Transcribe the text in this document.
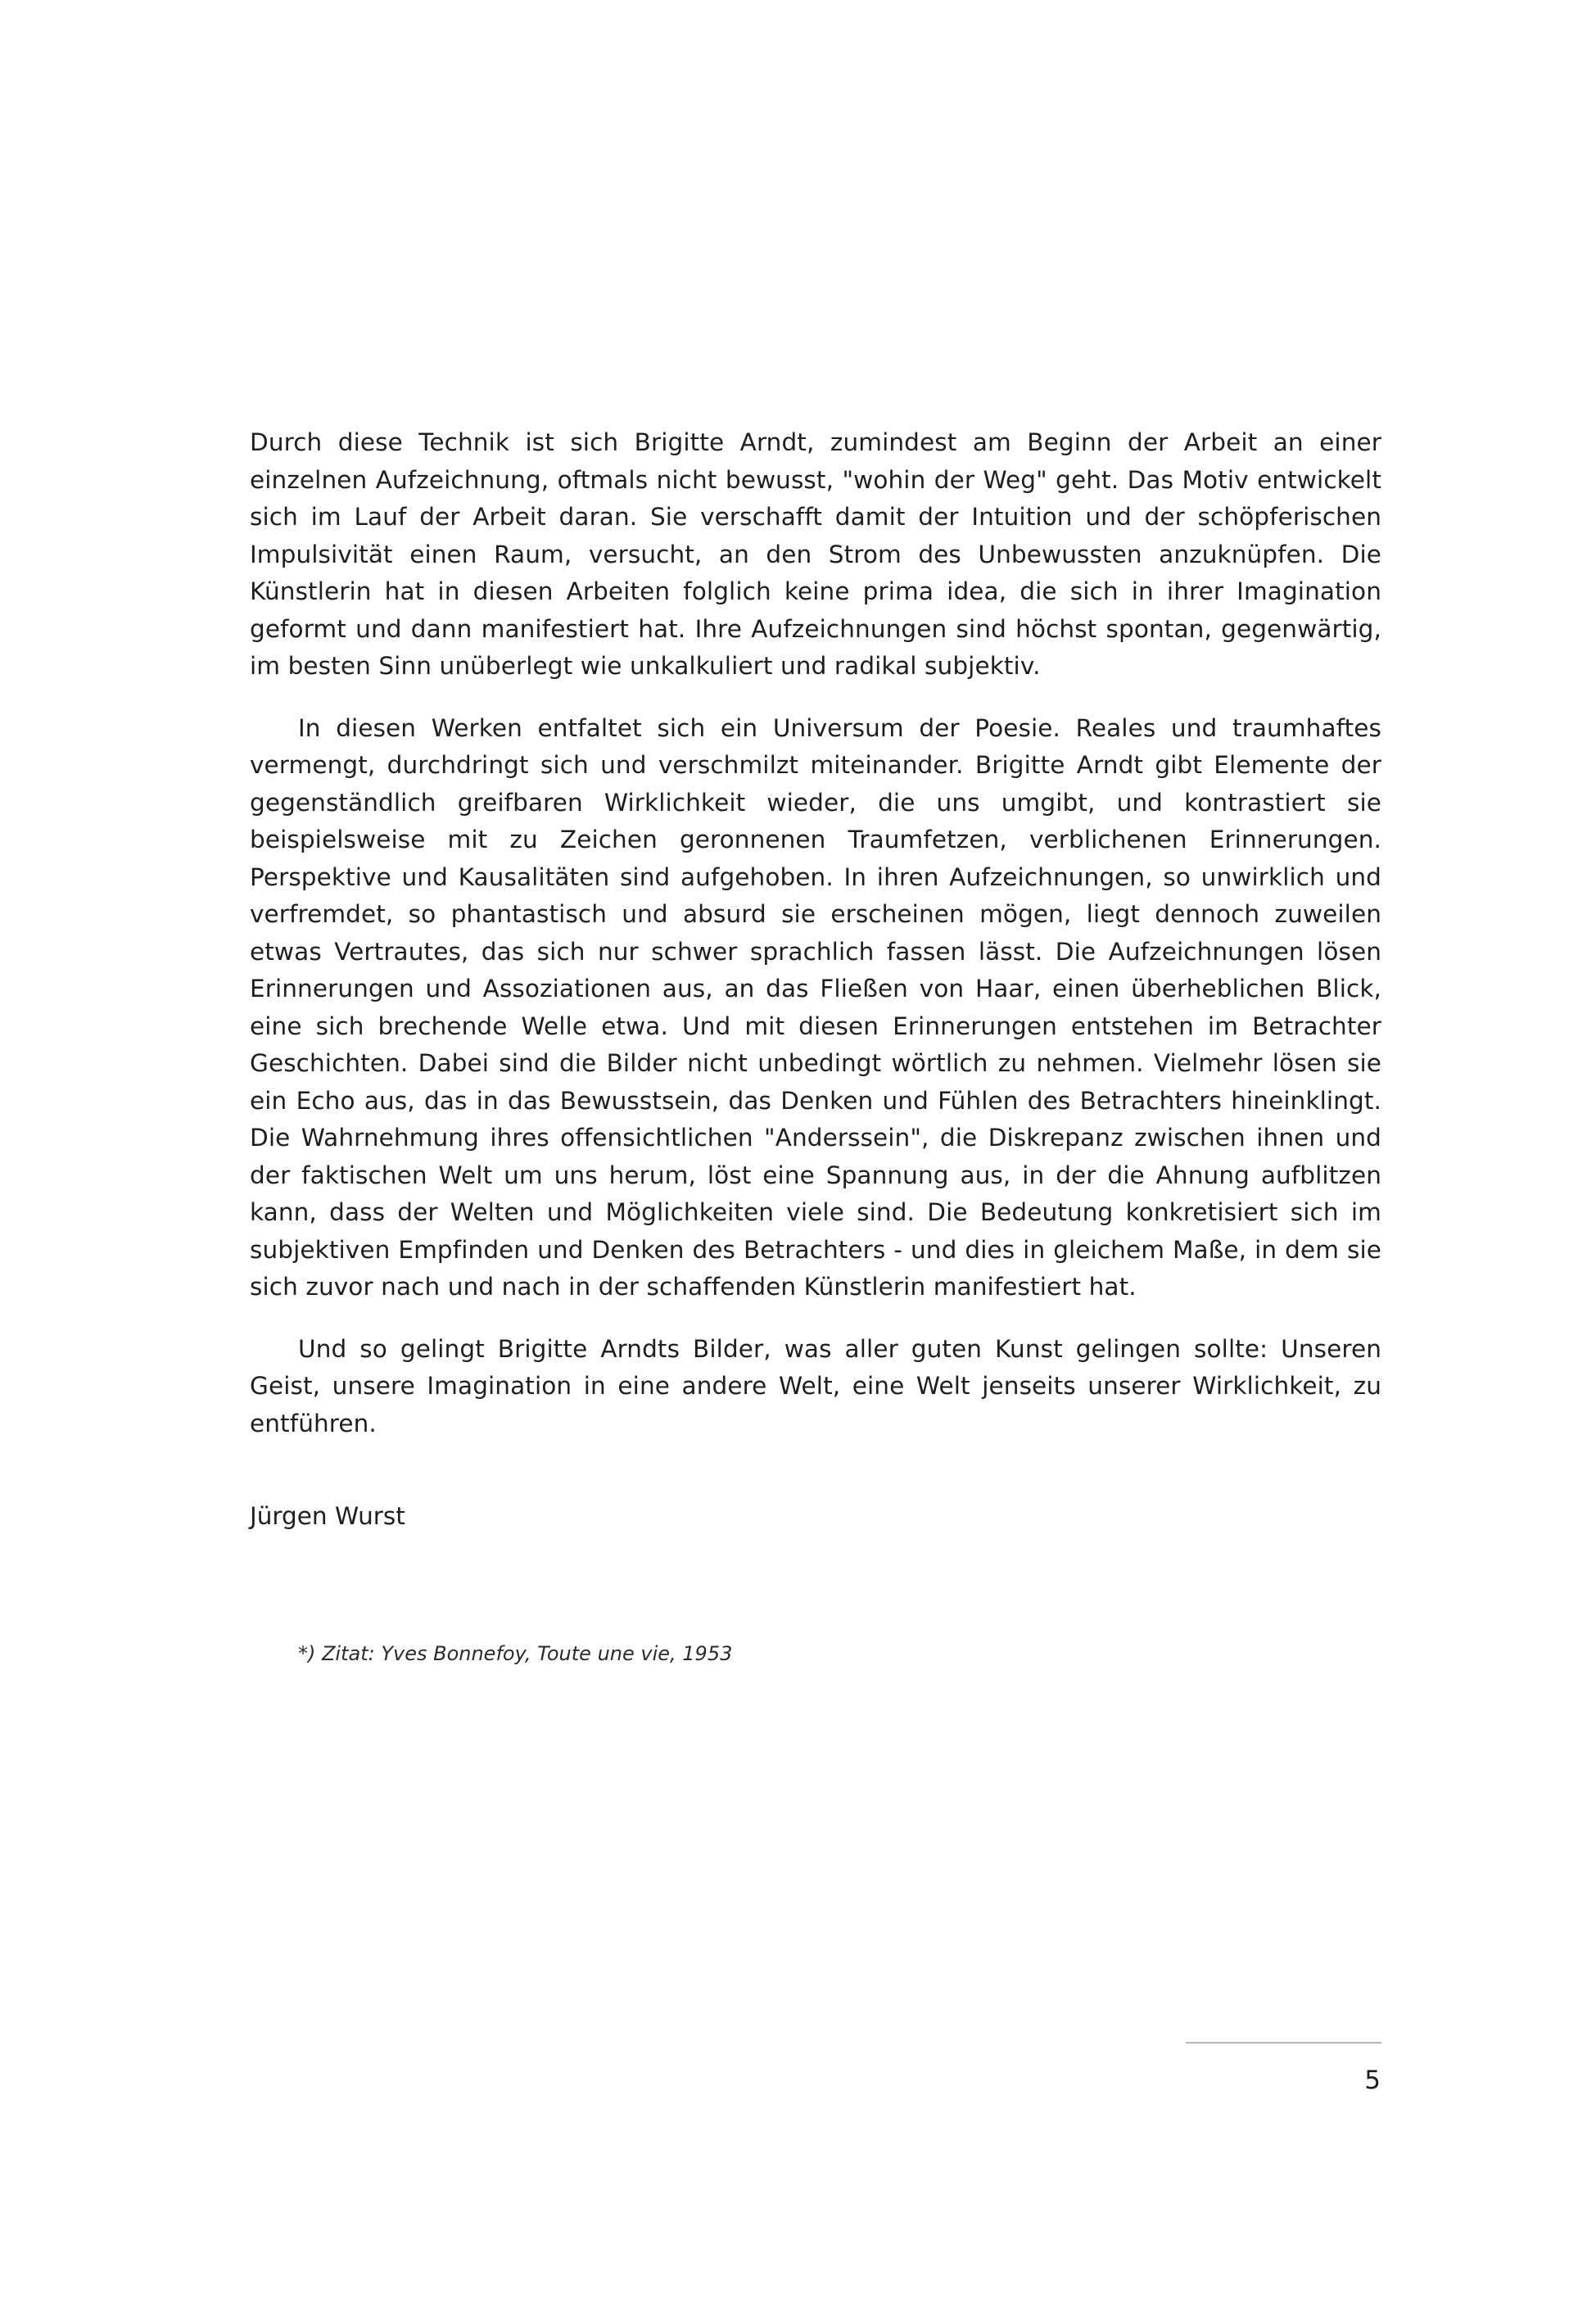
Durch diese Technik ist sich Brigitte Arndt, zumindest am Beginn der Arbeit an einer einzelnen Aufzeichnung, oftmals nicht bewusst, "wohin der Weg" geht. Das Motiv entwickelt sich im Lauf der Arbeit daran. Sie verschafft damit der Intuition und der schöpferischen Impulsivität einen Raum, versucht, an den Strom des Unbewussten anzuknüpfen. Die Künstlerin hat in diesen Arbeiten folglich keine prima idea, die sich in ihrer Imagination geformt und dann manifestiert hat. Ihre Aufzeichnungen sind höchst spontan, gegenwärtig, im besten Sinn unüberlegt wie unkalkuliert und radikal subjektiv.

In diesen Werken entfaltet sich ein Universum der Poesie. Reales und traumhaftes vermengt, durchdringt sich und verschmilzt miteinander. Brigitte Arndt gibt Elemente der gegenständlich greifbaren Wirklichkeit wieder, die uns umgibt, und kontrastiert sie beispielsweise mit zu Zeichen geronnenen Traumfetzen, verblichenen Erinnerungen. Perspektive und Kausalitäten sind aufgehoben. In ihren Aufzeichnungen, so unwirklich und verfremdet, so phantastisch und absurd sie erscheinen mögen, liegt dennoch zuweilen etwas Vertrautes, das sich nur schwer sprachlich fassen lässt. Die Aufzeichnungen lösen Erinnerungen und Assoziationen aus, an das Fließen von Haar, einen überheblichen Blick, eine sich brechende Welle etwa. Und mit diesen Erinnerungen entstehen im Betrachter Geschichten. Dabei sind die Bilder nicht unbedingt wörtlich zu nehmen. Vielmehr lösen sie ein Echo aus, das in das Bewusstsein, das Denken und Fühlen des Betrachters hineinklingt. Die Wahrnehmung ihres offensichtlichen "Anderssein", die Diskrepanz zwischen ihnen und der faktischen Welt um uns herum, löst eine Spannung aus, in der die Ahnung aufblitzen kann, dass der Welten und Möglichkeiten viele sind. Die Bedeutung konkretisiert sich im subjektiven Empfinden und Denken des Betrachters - und dies in gleichem Maße, in dem sie sich zuvor nach und nach in der schaffenden Künstlerin manifestiert hat.

Und so gelingt Brigitte Arndts Bilder, was aller guten Kunst gelingen sollte: Unseren Geist, unsere Imagination in eine andere Welt, eine Welt jenseits unserer Wirklichkeit, zu entführen.

Jürgen Wurst
*) Zitat: Yves Bonnefoy, Toute une vie, 1953
5
